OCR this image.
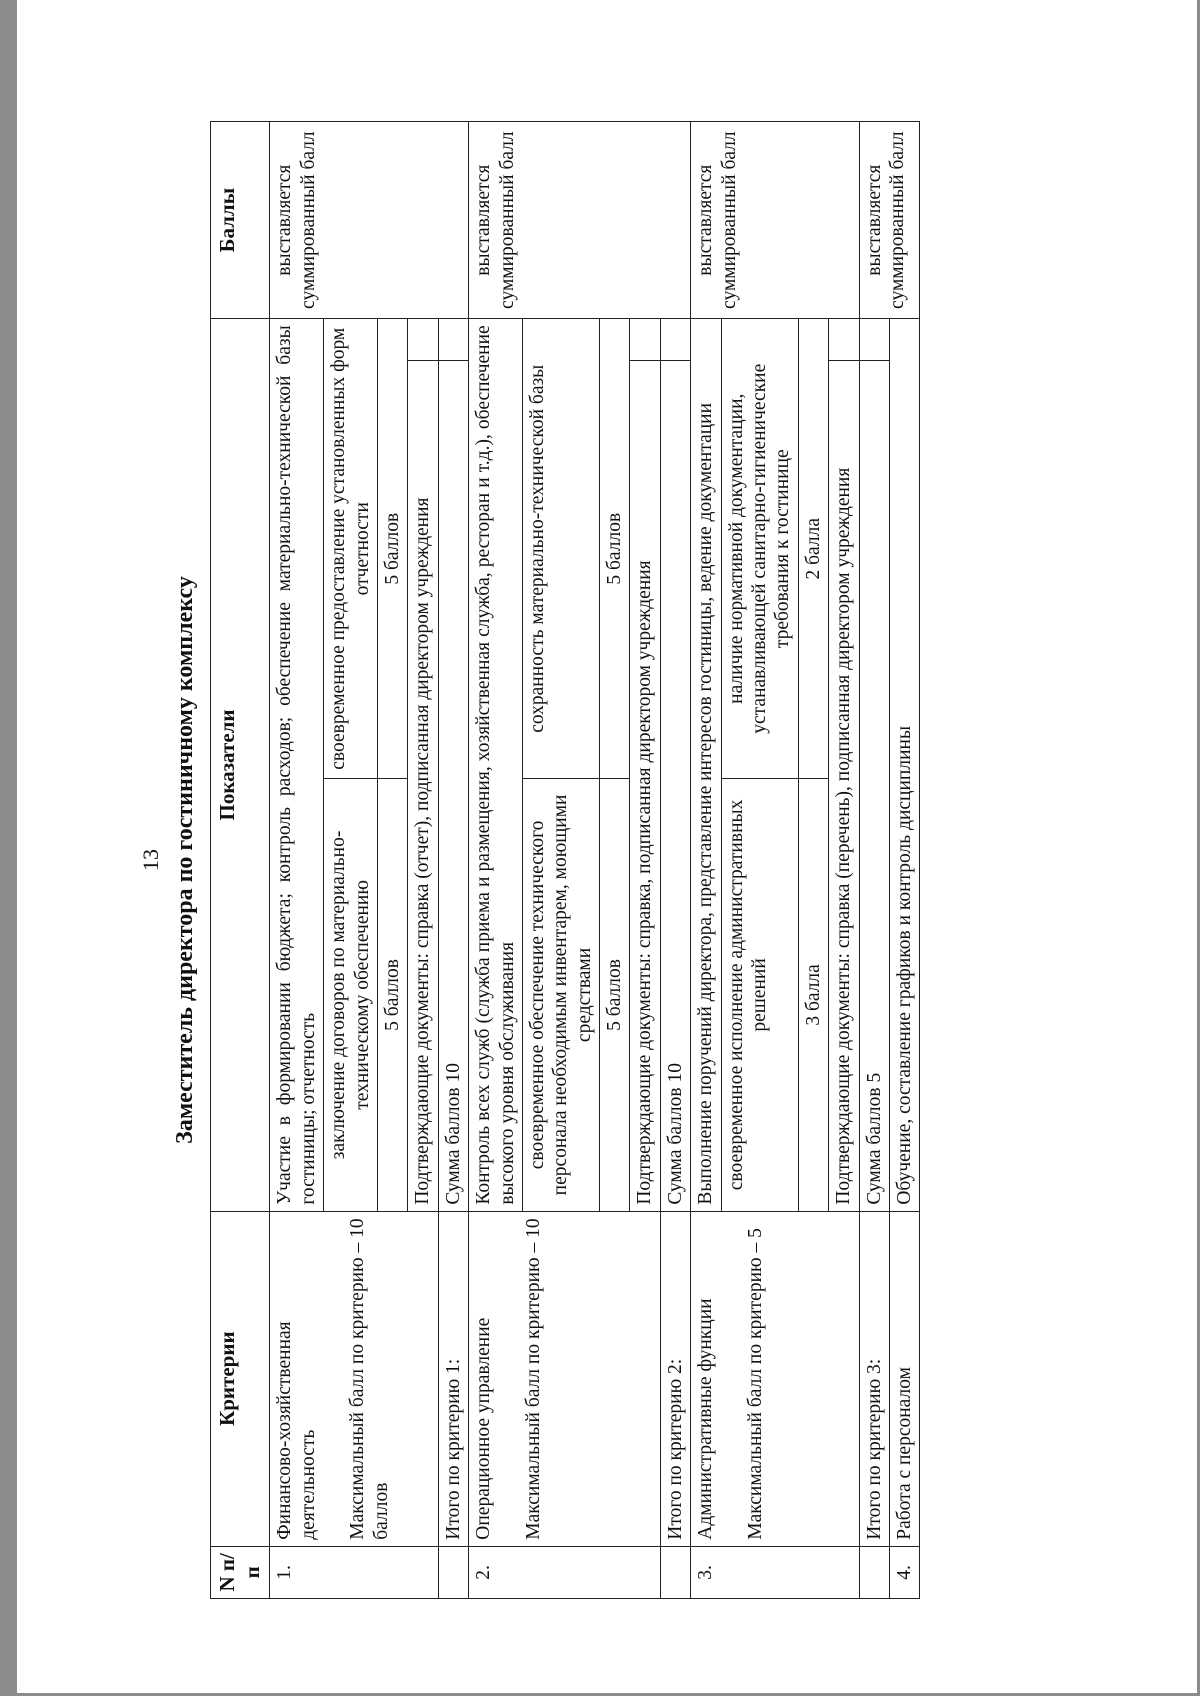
13 Заместитель директора по гостиничному комплексу
N п/п	Критерии	Показатели			Баллы
1.	Финансово-хозяйственная деятельность Максимальный балл по критерию – 10 баллов	Участие в формировании бюджета; контроль расходов; обеспечение материально-технической базы гостиницы; отчетность			выставляется суммированный балл
		заключение договоров по материально-техническому обеспечению	своевременное предоставление установленных форм отчетности		
		5 баллов	5 баллов		
		Подтверждающие документы: справка (отчет), подписанная директором учреждения			
	Итого по критерию 1:	Сумма баллов 10			
2.	Операционное управление Максимальный балл по критерию – 10	Контроль всех служб (служба приема и размещения, хозяйственная служба, ресторан и т.д.), обеспечение высокого уровня обслуживания			выставляется суммированный балл
		своевременное обеспечение технического персонала необходимым инвентарем, моющими средствами	сохранность материально-технической базы		
		5 баллов	5 баллов		
		Подтверждающие документы: справка, подписанная директором учреждения			
	Итого по критерию 2:	Сумма баллов 10			
3.	Административные функции Максимальный балл по критерию – 5	Выполнение поручений директора, представление интересов гостиницы, ведение документации			выставляется суммированный балл
		своевременное исполнение административных решений	наличие нормативной документации, устанавливающей санитарно-гигиенические требования к гостинице		
		3 балла	2 балла		
		Подтверждающие документы: справка (перечень), подписанная директором учреждения			
	Итого по критерию 3:	Сумма баллов 5			выставляется суммированный балл
4.	Работа с персоналом	Обучение, составление графиков и контроль дисциплины			
